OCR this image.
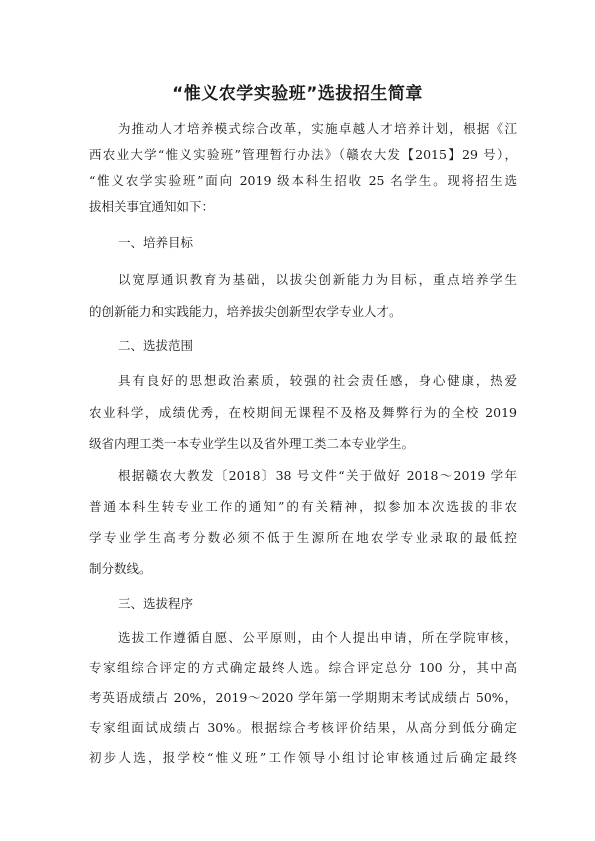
“惟义农学实验班”选拔招生简章
为推动人才培养模式综合改革，实施卓越人才培养计划，根据《江
西农业大学“惟义实验班”管理暂行办法》（赣农大发【2015】29 号），
“惟义农学实验班”面向 2019 级本科生招收 25 名学生。现将招生选
拔相关事宜通知如下：
一、培养目标
以宽厚通识教育为基础，以拔尖创新能力为目标，重点培养学生
的创新能力和实践能力，培养拔尖创新型农学专业人才。
二、选拔范围
具有良好的思想政治素质，较强的社会责任感，身心健康，热爱
农业科学，成绩优秀，在校期间无课程不及格及舞弊行为的全校 2019
级省内理工类一本专业学生以及省外理工类二本专业学生。
根据赣农大教发〔2018〕38 号文件“关于做好 2018～2019 学年
普通本科生转专业工作的通知”的有关精神，拟参加本次选拔的非农
学专业学生高考分数必须不低于生源所在地农学专业录取的最低控
制分数线。
三、选拔程序
选拔工作遵循自愿、公平原则，由个人提出申请，所在学院审核，
专家组综合评定的方式确定最终人选。综合评定总分 100 分，其中高
考英语成绩占 20%，2019～2020 学年第一学期期末考试成绩占 50%，
专家组面试成绩占 30%。根据综合考核评价结果，从高分到低分确定
初步人选，报学校“惟义班”工作领导小组讨论审核通过后确定最终
